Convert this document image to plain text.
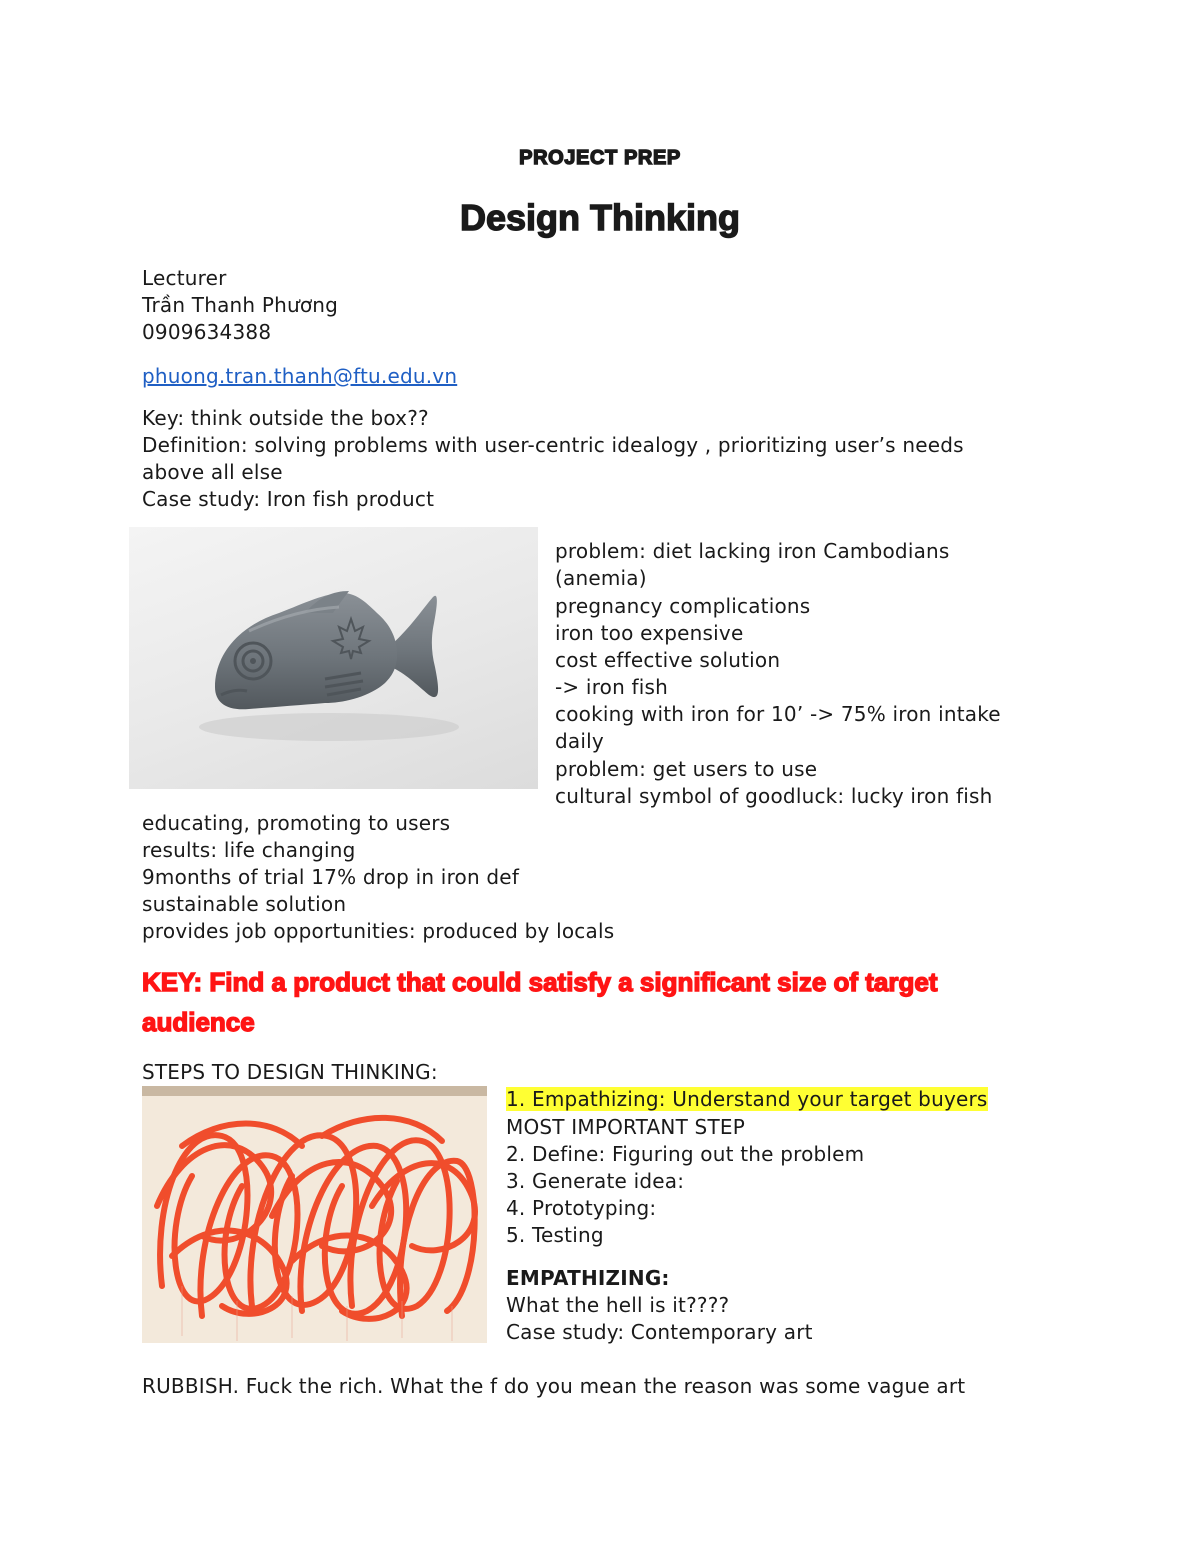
PROJECT PREP
Design Thinking
Lecturer
Trần Thanh Phương
0909634388
phuong.tran.thanh@ftu.edu.vn
Key: think outside the box??
Definition: solving problems with user-centric idealogy , prioritizing user’s needs
above all else
Case study: Iron fish product
problem: diet lacking iron Cambodians
(anemia)
pregnancy complications
iron too expensive
cost effective solution
-> iron fish
cooking with iron for 10’ -> 75% iron intake
daily
problem: get users to use
cultural symbol of goodluck: lucky iron fish
educating, promoting to users
results: life changing
9months of trial 17% drop in iron def
sustainable solution
provides job opportunities: produced by locals
KEY: Find a product that could satisfy a significant size of target audience
STEPS TO DESIGN THINKING:
1. Empathizing: Understand your target buyers
MOST IMPORTANT STEP
2. Define: Figuring out the problem
3. Generate idea:
4. Prototyping:
5. Testing
EMPATHIZING:
What the hell is it????
Case study: Contemporary art
RUBBISH. Fuck the rich. What the f do you mean the reason was some vague art
